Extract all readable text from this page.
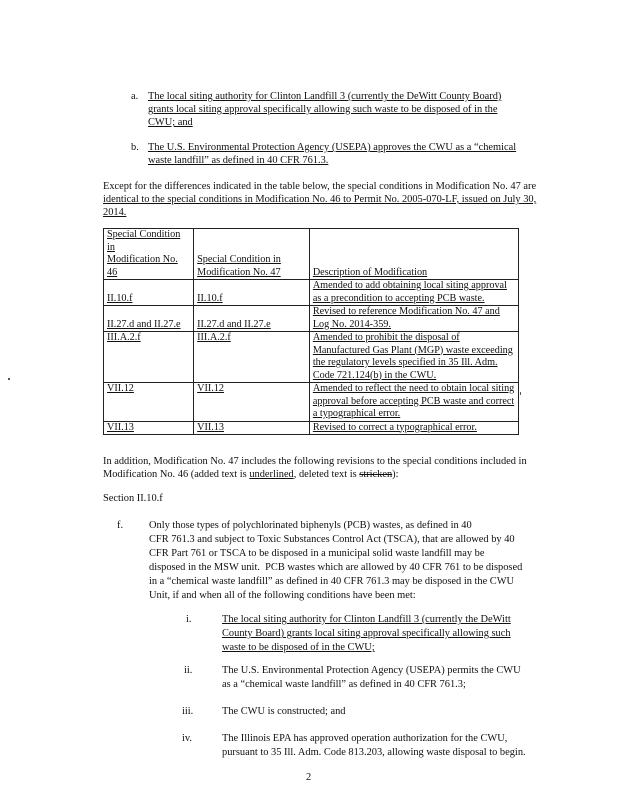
a. The local siting authority for Clinton Landfill 3 (currently the DeWitt County Board)
grants local siting approval specifically allowing such waste to be disposed of in the
CWU; and
b. The U.S. Environmental Protection Agency (USEPA) approves the CWU as a “chemical
waste landfill” as defined in 40 CFR 761.3.
Except for the differences indicated in the table below, the special conditions in Modification No. 47 are
identical to the special conditions in Modification No. 46 to Permit No. 2005-070-LF, issued on July 30,
2014.
Special Condition in
Modification No. 46	Special Condition in
Modification No. 47	Description of Modification
II.10.f	II.10.f	Amended to add obtaining local siting approval
as a precondition to accepting PCB waste.
II.27.d and II.27.e	II.27.d and II.27.e	Revised to reference Modification No. 47 and
Log No. 2014-359.
III.A.2.f	III.A.2.f	Amended to prohibit the disposal of
Manufactured Gas Plant (MGP) waste exceeding
the regulatory levels specified in 35 Ill. Adm.
Code 721.124(b) in the CWU.
VII.12	VII.12	Amended to reflect the need to obtain local siting
approval before accepting PCB waste and correct
a typographical error.
VII.13	VII.13	Revised to correct a typographical error.
In addition, Modification No. 47 includes the following revisions to the special conditions included in
Modification No. 46 (added text is underlined, deleted text is stricken):
Section II.10.f
f. Only those types of polychlorinated biphenyls (PCB) wastes, as defined in 40
CFR 761.3 and subject to Toxic Substances Control Act (TSCA), that are allowed by 40
CFR Part 761 or TSCA to be disposed in a municipal solid waste landfill may be
disposed in the MSW unit.  PCB wastes which are allowed by 40 CFR 761 to be disposed
in a “chemical waste landfill” as defined in 40 CFR 761.3 may be disposed in the CWU
Unit, if and when all of the following conditions have been met:
i.	The local siting authority for Clinton Landfill 3 (currently the DeWitt
County Board) grants local siting approval specifically allowing such
waste to be disposed of in the CWU;
ii.	The U.S. Environmental Protection Agency (USEPA) permits the CWU
as a “chemical waste landfill” as defined in 40 CFR 761.3;
iii.	The CWU is constructed; and
iv.	The Illinois EPA has approved operation authorization for the CWU,
pursuant to 35 Ill. Adm. Code 813.203, allowing waste disposal to begin.
2
